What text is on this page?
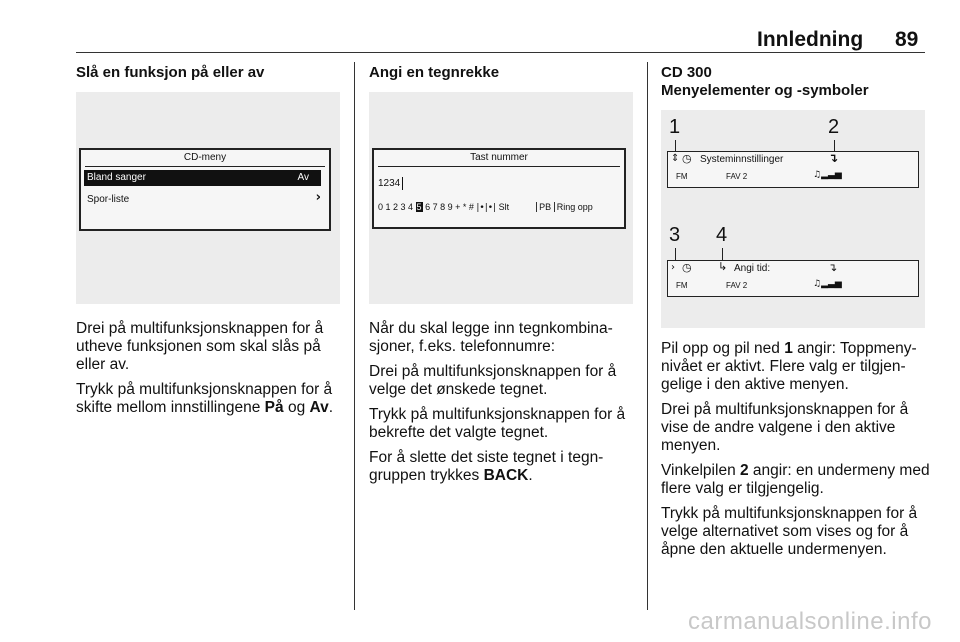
Innledning 89
Slå en funksjon på eller av
CD-meny
Bland sanger	Av
Spor-liste	›

Drei på multifunksjonsknappen for å utheve funksjonen som skal slås på eller av.

Trykk på multifunksjonsknappen for å skifte mellom innstillingene På og Av.

Angi en tegnrekke
Tast nummer
1234
0 1 2 3 4 5 6 7 8 9 + * # |•|•| Slt	PB Ring opp

Når du skal legge inn tegnkombina-sjoner, f.eks. telefonnumre:

Drei på multifunksjonsknappen for å velge det ønskede tegnet.

Trykk på multifunksjonsknappen for å bekrefte det valgte tegnet.

For å slette det siste tegnet i tegn-gruppen trykkes BACK.

CD 300
Menyelementer og -symboler
1	2
⇕ ◷ Systeminnstillinger	↴
FM	FAV 2	♫▂▃▅
3 4
› ◷ ↳ Angi tid:	↴
FM	FAV 2	♫▂▃▅

Pil opp og pil ned 1 angir: Toppmeny-nivået er aktivt. Flere valg er tilgjen-gelige i den aktive menyen.

Drei på multifunksjonsknappen for å vise de andre valgene i den aktive menyen.

Vinkelpilen 2 angir: en undermeny med flere valg er tilgjengelig.

Trykk på multifunksjonsknappen for å velge alternativet som vises og for å åpne den aktuelle undermenyen.

carmanualsonline.info
